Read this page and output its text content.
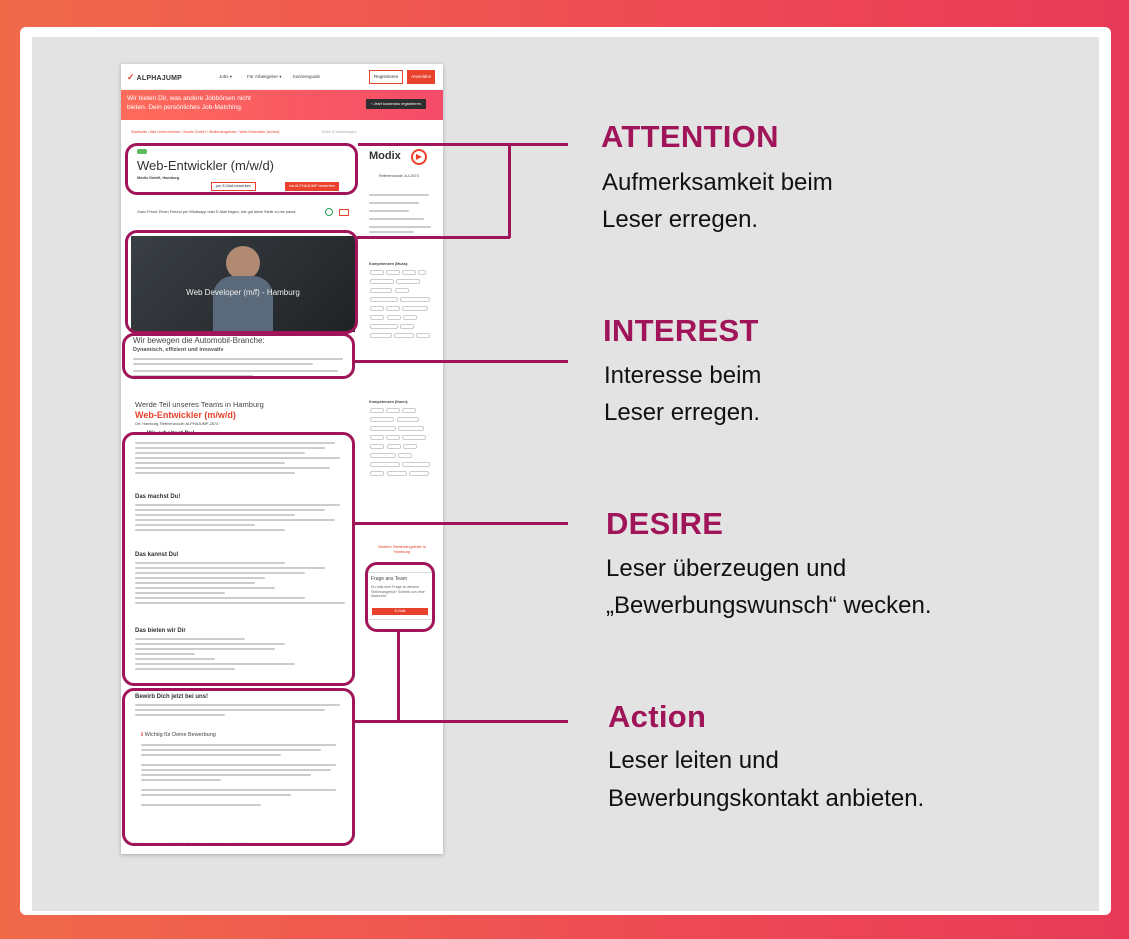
✓ ALPHAJUMP	Jobs ▾	Für Arbeitgeber ▾	Karriereguide	Registrieren	Anmelden
Wir bieten Dir, was andere Jobbörsen nicht
bieten. Dein persönliches Job-Matching.
› Jetzt kostenlos registrieren
Startseite / Alle Unternehmen / Modix GmbH / Stellenangebote / Web-Entwickler (m/w/d)	Teilen & Weitersagen
Web-Entwickler (m/w/d)
Modix GmbH, Hamburg
per E-Mail bewerben	via ALPHAJUMP bewerben
Ganz Privat: Einen Freund per Whatsapp oder E-Mail fragen, wie gut diese Stelle zu mir passt:
Web Developer (m/f) - Hamburg
Wir bewegen die Automobil-Branche:
Dynamisch, effizient und innovativ
Werde Teil unseres Teams in Hamburg
Web-Entwickler (m/w/d)
Ort: Hamburg, Referenzcode: ALPHAJUMP-2674
Wo arbeitest Du!
Das machst Du!
Das kannst Du!
Das bieten wir Dir
Bewirb Dich jetzt bei uns!
ℹ Wichtig für Deine Bewerbung
Stellenangebot vom 13.10.18 | Stellenangebot läuft ab am 10.01.19
Modix	▶
Referenzcode: AJ-2674
Kompetenzen (Muss):

Kompetenzen (Kann):

Weitere Stellenangebote in Hamburg
Frage ans Team
Du hast eine Frage zu diesem Stellenangebot? Schreib uns eine Nachricht.
E-Mail
ATTENTION
Aufmerksamkeit beim
Leser erregen.
INTEREST
Interesse beim
Leser erregen.
DESIRE
Leser überzeugen und
„Bewerbungswunsch“ wecken.
Action
Leser leiten und
Bewerbungskontakt anbieten.
